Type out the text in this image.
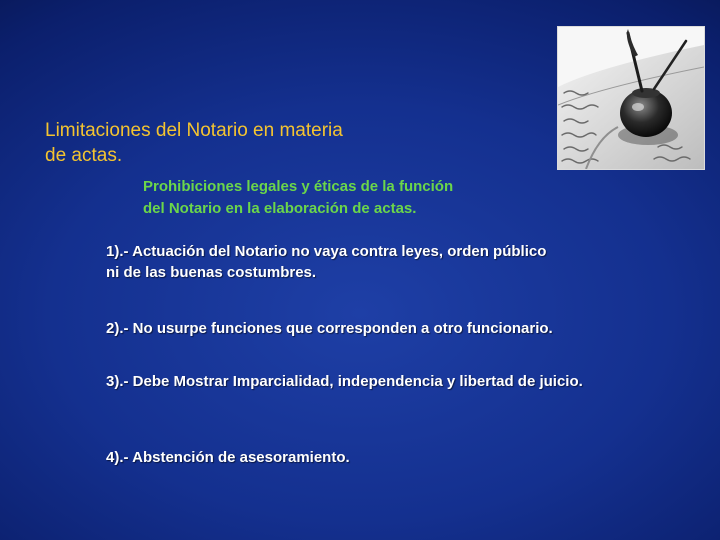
Limitaciones del Notario en materia
de actas.
Prohibiciones legales y éticas de la función
del Notario en la elaboración de actas.
1).- Actuación del Notario no vaya contra leyes, orden público
ni de las buenas costumbres.
2).- No usurpe funciones que corresponden a otro funcionario.
3).- Debe Mostrar Imparcialidad, independencia y libertad de juicio.
4).- Abstención de asesoramiento.
